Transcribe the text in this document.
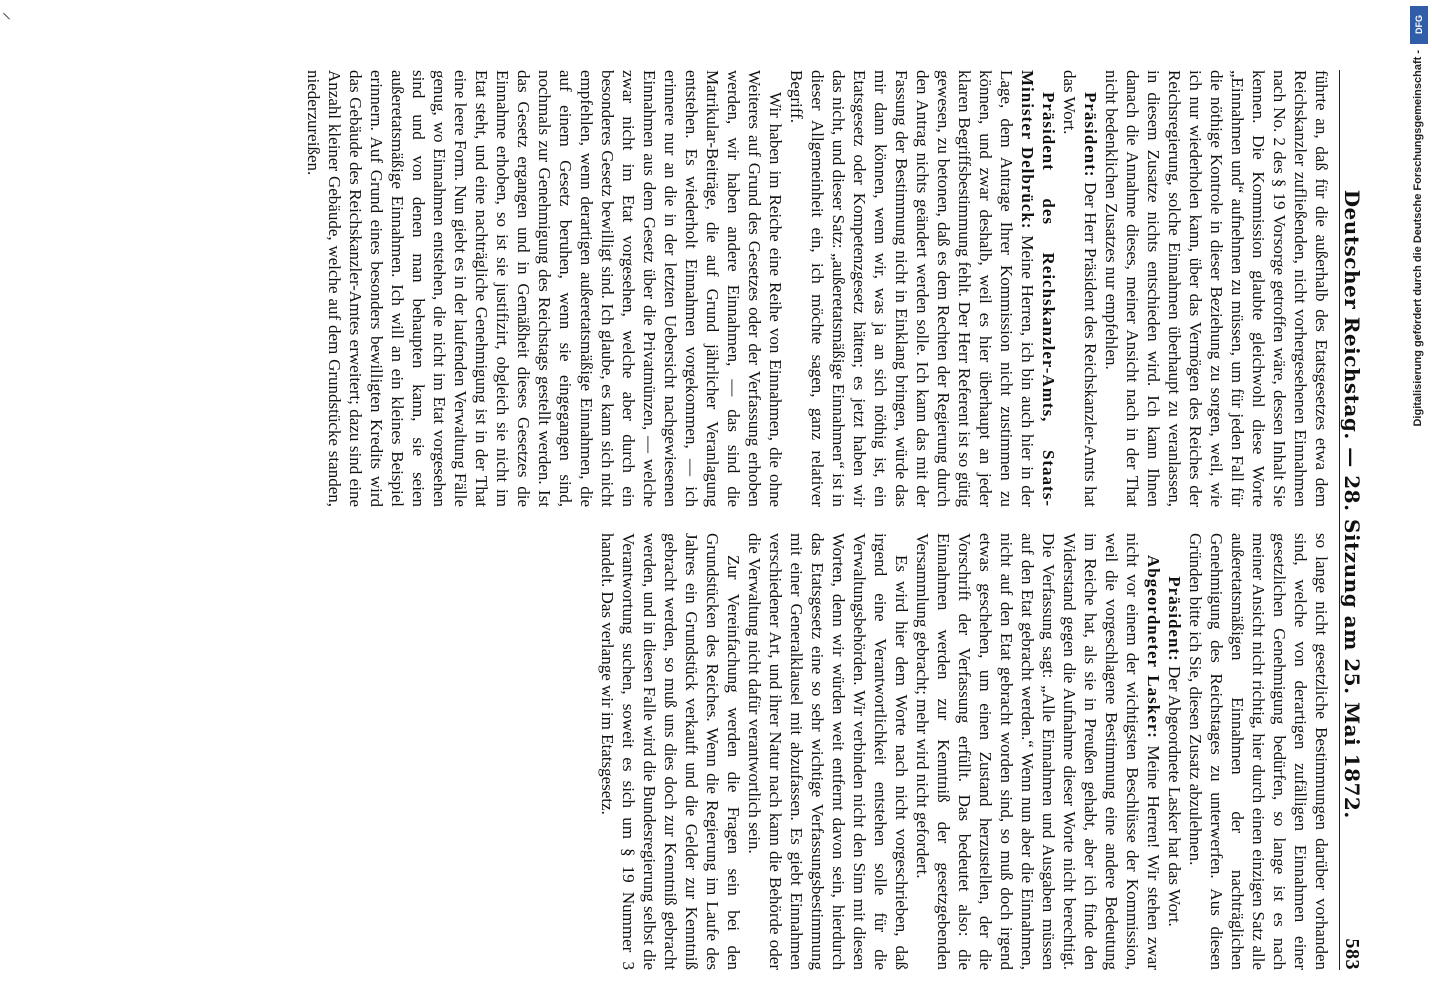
⸜
Deutscher Reichstag. — 28. Sitzung am 25. Mai 1872.
583

führte an, daß für die außerhalb des Etatsgesetzes etwa dem Reichskanzler zufließenden, nicht vorhergesehenen Einnahmen nach No. 2 des § 19 Vorsorge getroffen wäre, dessen Inhalt Sie kennen. Die Kommission glaubte gleichwohl diese Worte „Einnahmen und“ aufnehmen zu müssen, um für jeden Fall für die nöthige Kontrole in dieser Beziehung zu sorgen, weil, wie ich nur wiederholen kann, über das Vermögen des Reiches der Reichsregierung, solche Einnahmen überhaupt zu veranlassen, in diesem Zusatze nichts entschieden wird. Ich kann Ihnen danach die Annahme dieses, meiner Ansicht nach in der That nicht bedenklichen Zusatzes nur empfehlen.

Präsident: Der Herr Präsident des Reichskanzler-Amts hat das Wort.

Präsident des Reichskanzler-Amts, Staats-Minister Delbrück: Meine Herren, ich bin auch hier in der Lage, dem Antrage Ihrer Kommission nicht zustimmen zu können, und zwar deshalb, weil es hier überhaupt an jeder klaren Begriffsbestimmung fehlt. Der Herr Referent ist so gütig gewesen, zu betonen, daß es dem Rechten der Regierung durch den Antrag nichts geändert werden solle. Ich kann das mit der Fassung der Bestimmung nicht in Einklang bringen, würde das mir dann können, wenn wir, was ja an sich nöthig ist, ein Etatsgesetz oder Kompetenzgesetz hätten; es jetzt haben wir das nicht, und dieser Satz: „außeretatsmäßige Einnahmen“ ist in dieser Allgemeinheit ein, ich möchte sagen, ganz relativer Begriff.

Wir haben im Reiche eine Reihe von Einnahmen, die ohne Weiteres auf Grund des Gesetzes oder der Verfassung erhoben werden, wir haben andere Einnahmen, — das sind die Matrikular-Beiträge, die auf Grund jährlicher Veranlagung entstehen. Es wiederholt Einnahmen vorgekommen, — ich erinnere nur an die in der letzten Uebersicht nachgewiesenen Einnahmen aus dem Gesetz über die Privatmünzen, — welche zwar nicht im Etat vorgesehen, welche aber durch ein besonderes Gesetz bewilligt sind. Ich glaube, es kann sich nicht empfehlen, wenn derartigen außeretatsmäßige Einnahmen, die auf einem Gesetz beruhen, wenn sie eingegangen sind, nochmals zur Genehmigung des Reichstags gestellt werden. Ist das Gesetz ergangen und in Gemäßheit dieses Gesetzes die Einnahme erhoben, so ist sie justifizirt, obgleich sie nicht im Etat steht, und eine nachträgliche Genehmigung ist in der That eine leere Form. Nun giebt es in der laufenden Verwaltung Fälle genug, wo Einnahmen entstehen, die nicht im Etat vorgesehen sind und von denen man behaupten kann, sie seien außeretatsmäßige Einnahmen. Ich will an ein kleines Beispiel erinnern. Auf Grund eines besonders bewilligten Kredits wird das Gebäude des Reichskanzler-Amtes erweitert; dazu sind eine Anzahl kleiner Gebäude, welche auf dem Grundstücke standen, niederzureißen.

so lange nicht gesetzliche Bestimmungen darüber vorhanden sind, welche von derartigen zufälligen Einnahmen einer gesetzlichen Genehmigung bedürfen, so lange ist es nach meiner Ansicht nicht richtig, hier durch einen einzigen Satz alle außeretatsmäßigen Einnahmen der nachträglichen Genehmigung des Reichstages zu unterwerfen. Aus diesen Gründen bitte ich Sie, diesen Zusatz abzulehnen.

Präsident: Der Abgeordnete Lasker hat das Wort.

Abgeordneter Lasker: Meine Herren! Wir stehen zwar nicht vor einem der wichtigsten Beschlüsse der Kommission, weil die vorgeschlagene Bestimmung eine andere Bedeutung im Reiche hat, als sie in Preußen gehabt, aber ich finde den Widerstand gegen die Aufnahme dieser Worte nicht berechtigt. Die Verfassung sagt: „Alle Einnahmen und Ausgaben müssen auf den Etat gebracht werden.“ Wenn nun aber die Einnahmen, nicht auf den Etat gebracht worden sind, so muß doch irgend etwas geschehen, um einen Zustand herzustellen, der die Vorschrift der Verfassung erfüllt. Das bedeutet also: die Einnahmen werden zur Kenntniß der gesetzgebenden Versammlung gebracht; mehr wird nicht gefordert.

Es wird hier dem Worte nach nicht vorgeschrieben, daß irgend eine Verantwortlichkeit entstehen solle für die Verwaltungsbehörden. Wir verbinden nicht den Sinn mit diesen Worten, denn wir würden weit entfernt davon sein, hierdurch das Etatsgesetz eine so sehr wichtige Verfassungsbestimmung mit einer Generalklausel mit abzufassen. Es giebt Einnahmen verschiedener Art, und ihrer Natur nach kann die Behörde oder die Verwaltung nicht dafür verantwortlich sein.

Zur Vereinfachung werden die Fragen sein bei den Grundstücken des Reiches. Wenn die Regierung im Laufe des Jahres ein Grundstück verkauft und die Gelder zur Kenntniß gebracht werden, so muß uns dies doch zur Kenntniß gebracht werden, und in diesen Falle wird die Bundesregierung selbst die Verantwortung suchen, soweit es sich um § 19 Nummer 3 handelt. Das verlange wir im Etatsgesetz.

DFG
Digitalisierung gefördert durch die Deutsche Forschungsgemeinschaft -
